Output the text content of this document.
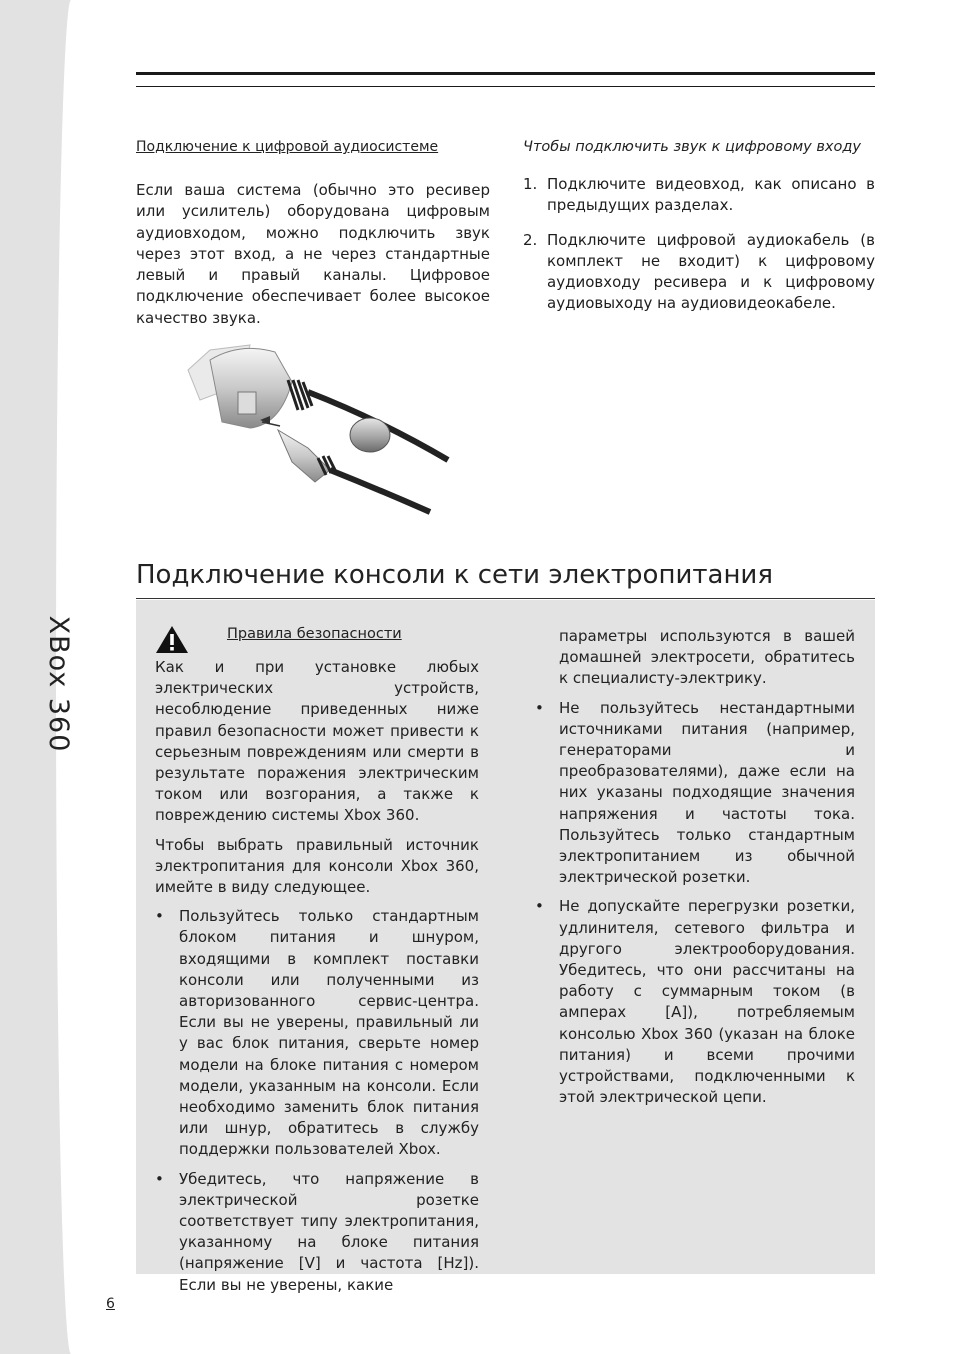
XBox 360
Подключение к цифровой аудиосистеме
Если ваша система (обычно это ресивер или усилитель) оборудована цифровым аудиовходом, можно подключить звук через этот вход, а не через стандартные левый и правый каналы. Цифровое подключение обеспечивает более высокое качество звука.
Чтобы подключить звук к цифровому входу
1. Подключите видеовход, как описано в предыдущих разделах.
2. Подключите цифровой аудиокабель (в комплект не входит) к цифровому аудиовходу ресивера и к цифровому аудиовыходу на аудиовидеокабеле.
Подключение консоли к сети электропитания
Правила безопасности

Как и при установке любых электрических устройств, несоблюдение приведенных ниже правил безопасности может привести к серьезным повреждениям или смерти в результате поражения электрическим током или возгорания, а также к повреждению системы Xbox 360.

Чтобы выбрать правильный источник электропитания для консоли Xbox 360, имейте в виду следующее.

• Пользуйтесь только стандартным блоком питания и шнуром, входящими в комплект поставки консоли или полученными из авторизованного сервис-центра. Если вы не уверены, правильный ли у вас блок питания, сверьте номер модели на блоке питания с номером модели, указанным на консоли. Если необходимо заменить блок питания или шнур, обратитесь в службу поддержки пользователей Xbox.
• Убедитесь, что напряжение в электрической розетке соответствует типу электропитания, указанному на блоке питания (напряжение [V] и частота [Hz]). Если вы не уверены, какие

параметры используются в вашей домашней электросети, обратитесь к специалисту-электрику.

• Не пользуйтесь нестандартными источниками питания (например, генераторами и преобразователями), даже если на них указаны подходящие значения напряжения и частоты тока. Пользуйтесь только стандартным электропитанием из обычной электрической розетки.
• Не допускайте перегрузки розетки, удлинителя, сетевого фильтра и другого электрооборудования. Убедитесь, что они рассчитаны на работу с суммарным током (в амперах [A]), потребляемым консолью Xbox 360 (указан на блоке питания) и всеми прочими устройствами, подключенными к этой электрической цепи.
6
